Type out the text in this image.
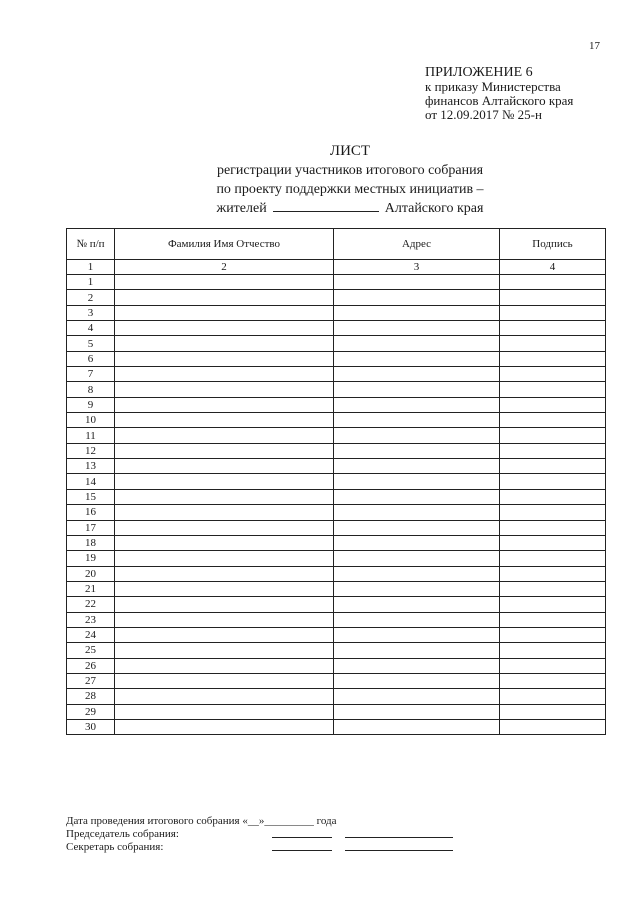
17
ПРИЛОЖЕНИЕ 6
к приказу Министерства
финансов Алтайского края
от 12.09.2017 № 25-н
ЛИСТ
регистрации участников итогового собрания
по проекту поддержки местных инициатив –
жителей	Алтайского края
№ п/п	Фамилия Имя Отчество	Адрес	Подпись
1	2	3	4
1			
2			
3			
4			
5			
6			
7			
8			
9			
10			
11			
12			
13			
14			
15			
16			
17			
18			
19			
20			
21			
22			
23			
24			
25			
26			
27			
28			
29			
30			
Дата проведения итогового собрания «__»_________ года
Председатель собрания:
Секретарь собрания:
